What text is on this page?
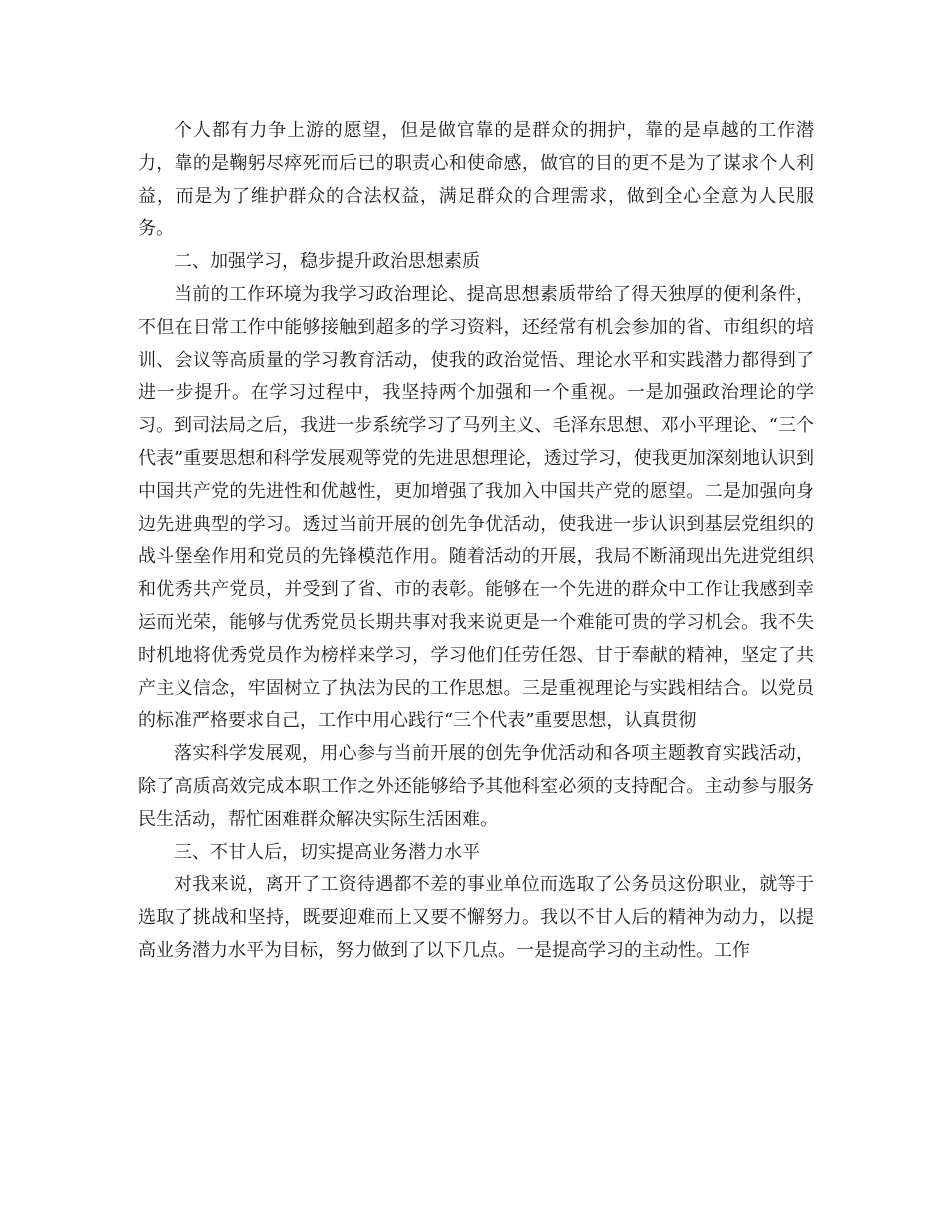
个人都有力争上游的愿望，但是做官靠的是群众的拥护，靠的是卓越的工作潜力，靠的是鞠躬尽瘁死而后已的职责心和使命感，做官的目的更不是为了谋求个人利益，而是为了维护群众的合法权益，满足群众的合理需求，做到全心全意为人民服务。

二、加强学习，稳步提升政治思想素质

当前的工作环境为我学习政治理论、提高思想素质带给了得天独厚的便利条件，不但在日常工作中能够接触到超多的学习资料，还经常有机会参加的省、市组织的培训、会议等高质量的学习教育活动，使我的政治觉悟、理论水平和实践潜力都得到了进一步提升。在学习过程中，我坚持两个加强和一个重视。一是加强政治理论的学习。到司法局之后，我进一步系统学习了马列主义、毛泽东思想、邓小平理论、“三个代表”重要思想和科学发展观等党的先进思想理论，透过学习，使我更加深刻地认识到中国共产党的先进性和优越性，更加增强了我加入中国共产党的愿望。二是加强向身边先进典型的学习。透过当前开展的创先争优活动，使我进一步认识到基层党组织的战斗堡垒作用和党员的先锋模范作用。随着活动的开展，我局不断涌现出先进党组织和优秀共产党员，并受到了省、市的表彰。能够在一个先进的群众中工作让我感到幸运而光荣，能够与优秀党员长期共事对我来说更是一个难能可贵的学习机会。我不失时机地将优秀党员作为榜样来学习，学习他们任劳任怨、甘于奉献的精神，坚定了共产主义信念，牢固树立了执法为民的工作思想。三是重视理论与实践相结合。以党员的标准严格要求自己，工作中用心践行“三个代表”重要思想，认真贯彻

落实科学发展观，用心参与当前开展的创先争优活动和各项主题教育实践活动，除了高质高效完成本职工作之外还能够给予其他科室必须的支持配合。主动参与服务民生活动，帮忙困难群众解决实际生活困难。

三、不甘人后，切实提高业务潜力水平

对我来说，离开了工资待遇都不差的事业单位而选取了公务员这份职业，就等于选取了挑战和坚持，既要迎难而上又要不懈努力。我以不甘人后的精神为动力，以提高业务潜力水平为目标，努力做到了以下几点。一是提高学习的主动性。工作
